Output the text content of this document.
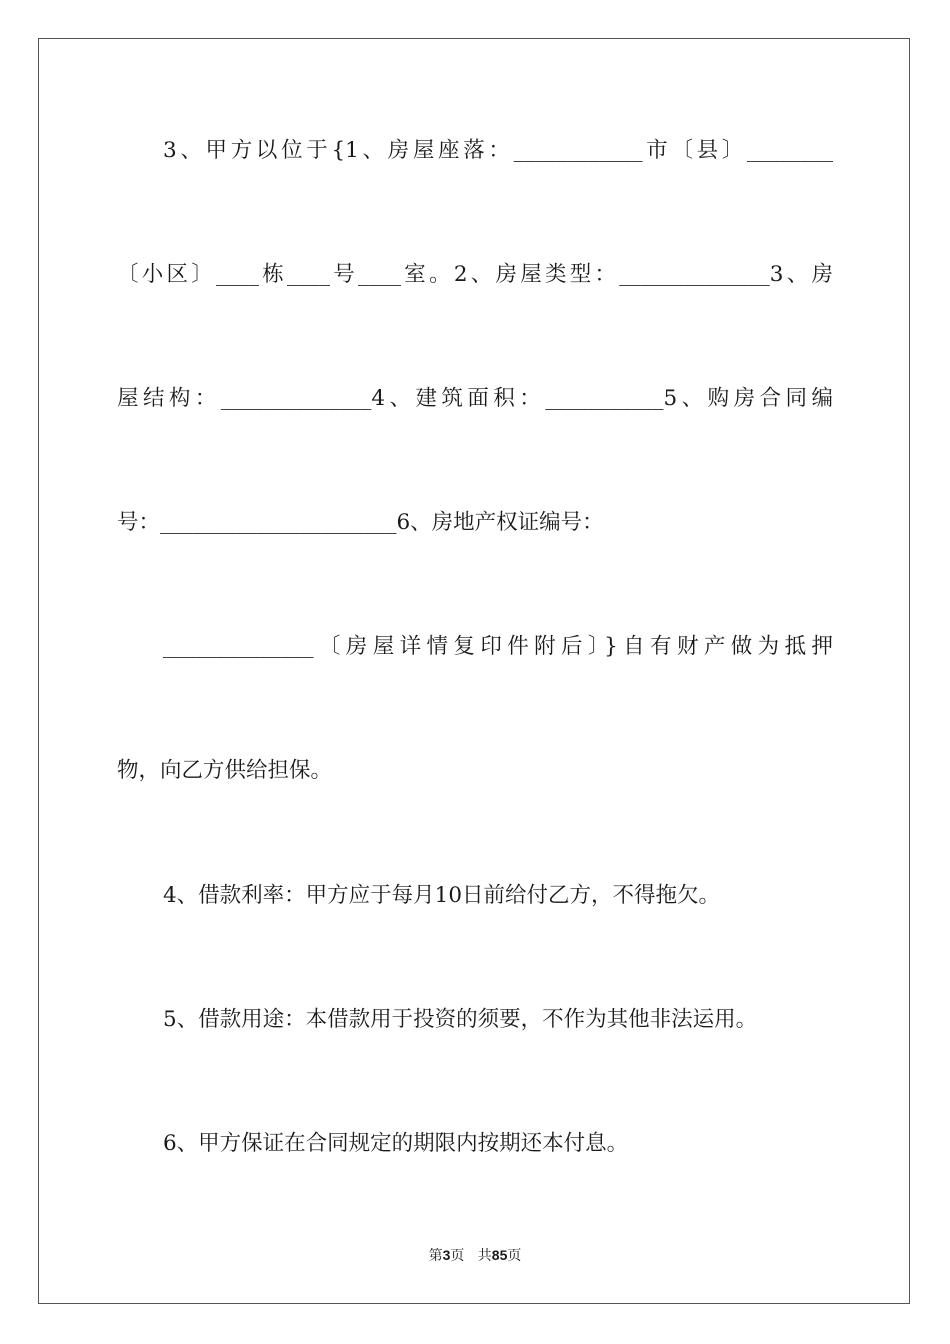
3、甲方以位于{1、房屋座落：____________市〔县〕________

〔小区〕____栋____号____室。2、房屋类型：______________3、房

屋结构：______________4、建筑面积：___________5、购房合同编

号：______________________6、房地产权证编号：

______________〔房屋详情复印件附后〕}自有财产做为抵押

物，向乙方供给担保。

4、借款利率：甲方应于每月10日前给付乙方，不得拖欠。

5、借款用途：本借款用于投资的须要，不作为其他非法运用。

6、甲方保证在合同规定的期限内按期还本付息。

第3页 共85页
